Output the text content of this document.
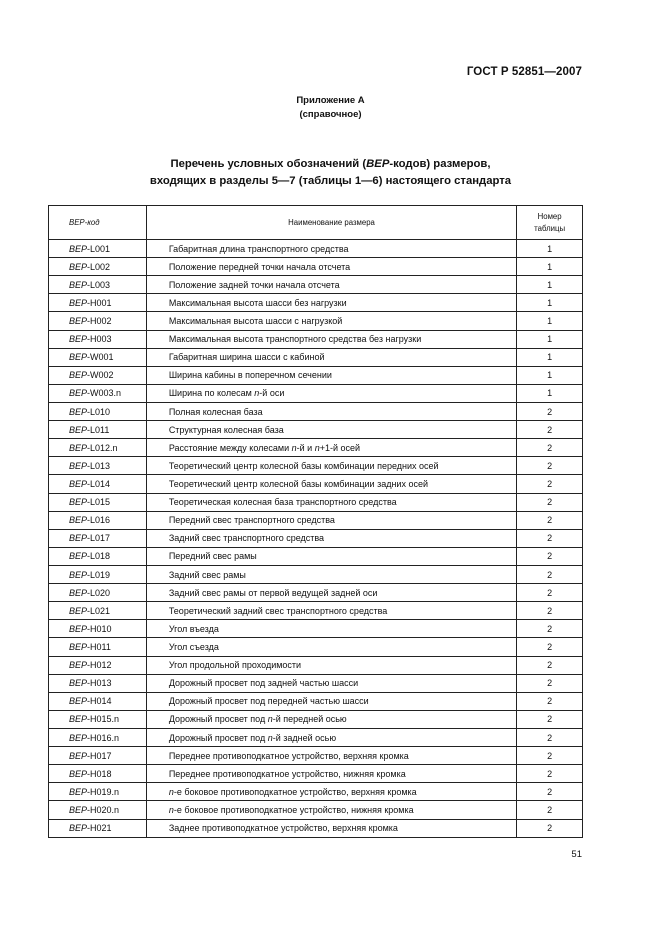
ГОСТ Р 52851—2007
Приложение А
(справочное)
Перечень условных обозначений (BEP-кодов) размеров,
входящих в разделы 5—7 (таблицы 1—6) настоящего стандарта
BEP-код	Наименование размера	Номер
таблицы

BEP-L001	Габаритная длина транспортного средства	1
BEP-L002	Положение передней точки начала отсчета	1
BEP-L003	Положение задней точки начала отсчета	1
BEP-H001	Максимальная высота шасси без нагрузки	1
BEP-H002	Максимальная высота шасси с нагрузкой	1
BEP-H003	Максимальная высота транспортного средства без нагрузки	1
BEP-W001	Габаритная ширина шасси с кабиной	1
BEP-W002	Ширина кабины в поперечном сечении	1
BEP-W003.n	Ширина по колесам n-й оси	1
BEP-L010	Полная колесная база	2
BEP-L011	Структурная колесная база	2
BEP-L012.n	Расстояние между колесами n-й и n+1-й осей	2
BEP-L013	Теоретический центр колесной базы комбинации передних осей	2
BEP-L014	Теоретический центр колесной базы комбинации задних осей	2
BEP-L015	Теоретическая колесная база транспортного средства	2
BEP-L016	Передний свес транспортного средства	2
BEP-L017	Задний свес транспортного средства	2
BEP-L018	Передний свес рамы	2
BEP-L019	Задний свес рамы	2
BEP-L020	Задний свес рамы от первой ведущей задней оси	2
BEP-L021	Теоретический задний свес транспортного средства	2
BEP-H010	Угол въезда	2
BEP-H011	Угол съезда	2
BEP-H012	Угол продольной проходимости	2
BEP-H013	Дорожный просвет под задней частью шасси	2
BEP-H014	Дорожный просвет под передней частью шасси	2
BEP-H015.n	Дорожный просвет под n-й передней осью	2
BEP-H016.n	Дорожный просвет под n-й задней осью	2
BEP-H017	Переднее противоподкатное устройство, верхняя кромка	2
BEP-H018	Переднее противоподкатное устройство, нижняя кромка	2
BEP-H019.n	n-е боковое противоподкатное устройство, верхняя кромка	2
BEP-H020.n	n-е боковое противоподкатное устройство, нижняя кромка	2
BEP-H021	Заднее противоподкатное устройство, верхняя кромка	2
51
